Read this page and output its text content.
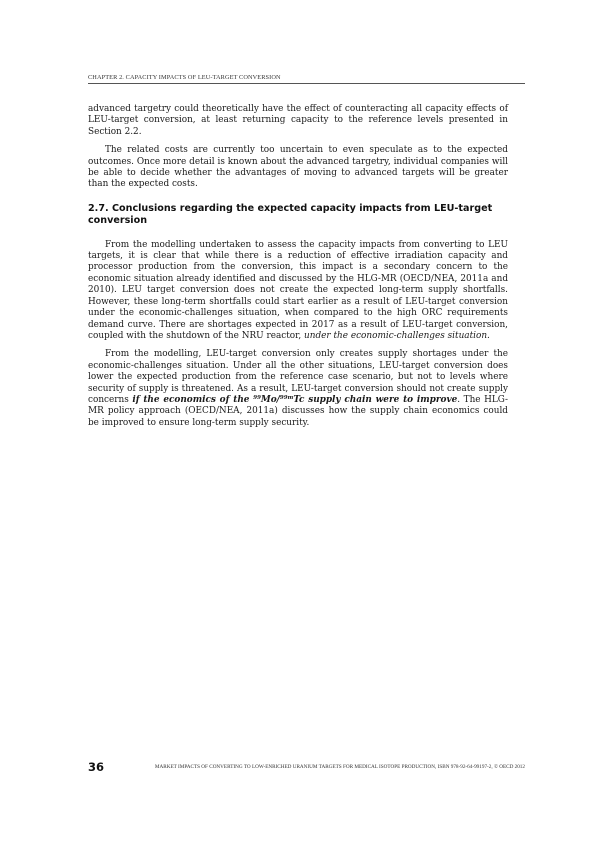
CHAPTER 2. CAPACITY IMPACTS OF LEU-TARGET CONVERSION

advanced targetry could theoretically have the effect of counteracting all capacity effects of LEU-target conversion, at least returning capacity to the reference levels presented in Section 2.2.

The related costs are currently too uncertain to even speculate as to the expected outcomes. Once more detail is known about the advanced targetry, individual companies will be able to decide whether the advantages of moving to advanced targets will be greater than the expected costs.

2.7. Conclusions regarding the expected capacity impacts from LEU-target conversion

From the modelling undertaken to assess the capacity impacts from converting to LEU targets, it is clear that while there is a reduction of effective irradiation capacity and processor production from the conversion, this impact is a secondary concern to the economic situation already identified and discussed by the HLG-MR (OECD/NEA, 2011a and 2010). LEU target conversion does not create the expected long-term supply shortfalls. However, these long-term shortfalls could start earlier as a result of LEU-target conversion under the economic-challenges situation, when compared to the high ORC requirements demand curve. There are shortages expected in 2017 as a result of LEU-target conversion, coupled with the shutdown of the NRU reactor, under the economic-challenges situation.

From the modelling, LEU-target conversion only creates supply shortages under the economic-challenges situation. Under all the other situations, LEU-target conversion does lower the expected production from the reference case scenario, but not to levels where security of supply is threatened. As a result, LEU-target conversion should not create supply concerns if the economics of the $^{99}$Mo/$^{99m}$Tc supply chain were to improve. The HLG-MR policy approach (OECD/NEA, 2011a) discusses how the supply chain economics could be improved to ensure long-term supply security.

36	MARKET IMPACTS OF CONVERTING TO LOW-ENRICHED URANIUM TARGETS FOR MEDICAL ISOTOPE PRODUCTION, ISBN 978-92-64-99197-2, © OECD 2012
